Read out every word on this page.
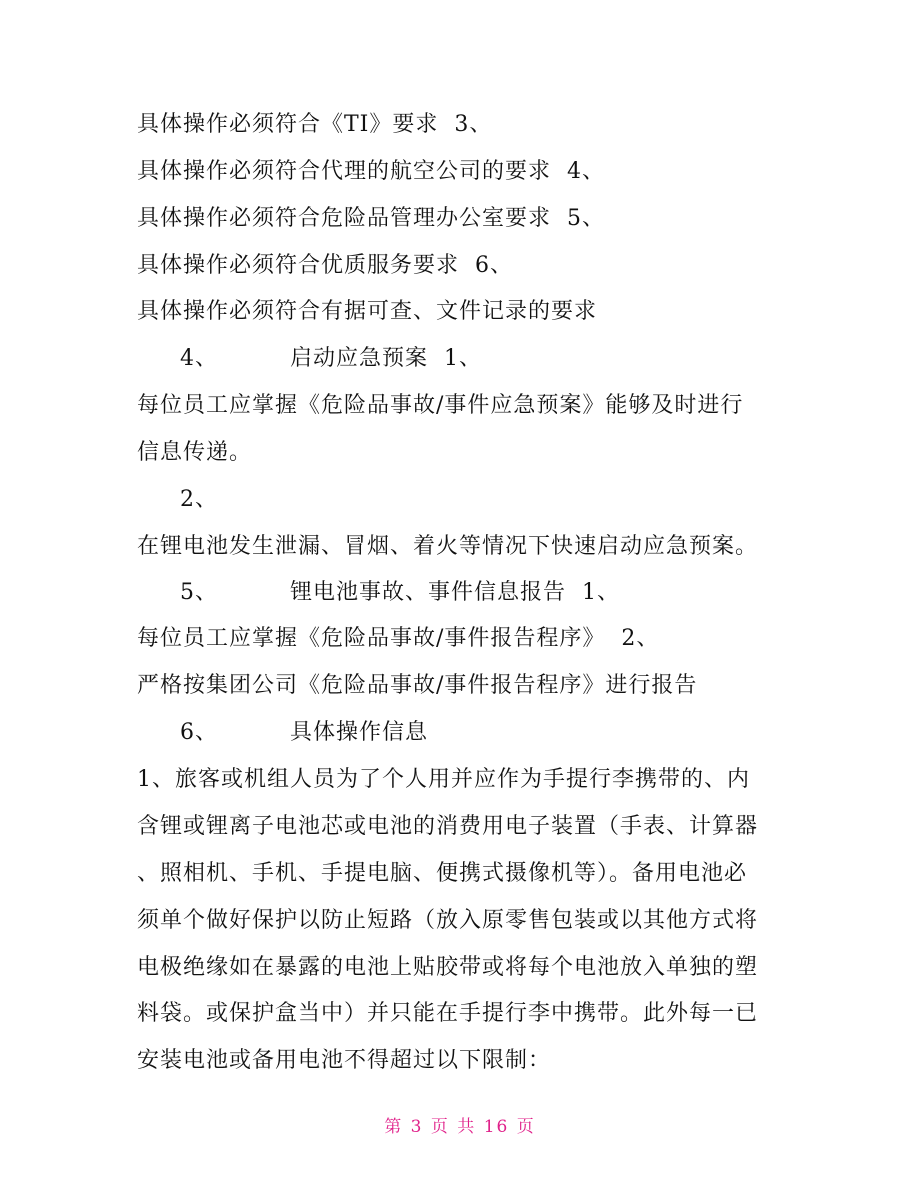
具体操作必须符合《TI》要求  3、
具体操作必须符合代理的航空公司的要求  4、
具体操作必须符合危险品管理办公室要求  5、
具体操作必须符合优质服务要求  6、
具体操作必须符合有据可查、文件记录的要求
4、	启动应急预案  1、
每位员工应掌握《危险品事故/事件应急预案》能够及时进行
信息传递。
2、
在锂电池发生泄漏、冒烟、着火等情况下快速启动应急预案。
5、	锂电池事故、事件信息报告  1、
每位员工应掌握《危险品事故/事件报告程序》  2、
严格按集团公司《危险品事故/事件报告程序》进行报告
6、	具体操作信息
1、旅客或机组人员为了个人用并应作为手提行李携带的、内
含锂或锂离子电池芯或电池的消费用电子装置（手表、计算器
、照相机、手机、手提电脑、便携式摄像机等）。备用电池必
须单个做好保护以防止短路（放入原零售包装或以其他方式将
电极绝缘如在暴露的电池上贴胶带或将每个电池放入单独的塑
料袋。或保护盒当中）并只能在手提行李中携带。此外每一已
安装电池或备用电池不得超过以下限制：
第 3 页 共 16 页
